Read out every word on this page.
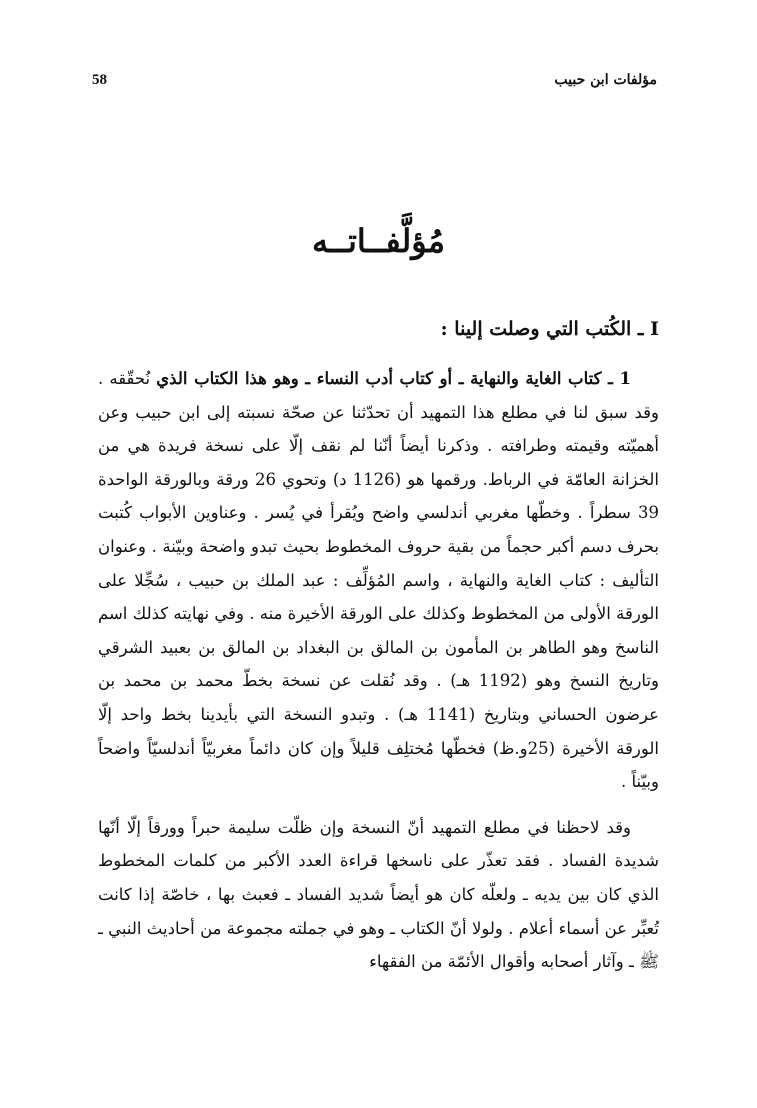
مؤلفات ابن حبيب
58
مُؤلَّفــاتــه
I ـ الكُتب التي وصلت إلينا :

1 ـ كتاب الغاية والنهاية ـ أو كتاب أدب النساء ـ وهو هذا الكتاب الذي نُحقّقه . وقد سبق لنا في مطلع هذا التمهيد أن تحدّثنا عن صحّة نسبته إلى ابن حبيب وعن أهميّته وقيمته وطرافته . وذكرنا أيضاً أنّنا لم نقف إلّا على نسخة فريدة هي من الخزانة العامّة في الرباط. ورقمها هو (1126 د) وتحوي 26 ورقة وبالورقة الواحدة 39 سطراً . وخطّها مغربي أندلسي واضح ويُقرأ في يُسر . وعناوين الأبواب كُتبت بحرف دسم أكبر حجماً من بقية حروف المخطوط بحيث تبدو واضحة وبيّنة . وعنوان التأليف : كتاب الغاية والنهاية ، واسم المُؤلِّف : عبد الملك بن حبيب ، سُجِّلا على الورقة الأولى من المخطوط وكذلك على الورقة الأخيرة منه . وفي نهايته كذلك اسم الناسخ وهو الطاهر بن المأمون بن المالق بن البغداد بن المالق بن بعبيد الشرقي وتاريخ النسخ وهو (1192 هـ) . وقد نُقلت عن نسخة بخطّ محمد بن محمد بن عرضون الحساني وبتاريخ (1141 هـ) . وتبدو النسخة التي بأيدينا بخط واحد إلّا الورقة الأخيرة (25و.ظ) فخطّها مُختلِف قليلاً وإن كان دائماً مغربيّاً أندلسيّاً واضحاً وبيّناً .

وقد لاحظنا في مطلع التمهيد أنّ النسخة وإن ظلّت سليمة حبراً وورقاً إلّا أنّها شديدة الفساد . فقد تعذّر على ناسخها قراءة العدد الأكبر من كلمات المخطوط الذي كان بين يديه ـ ولعلّه كان هو أيضاً شديد الفساد ـ فعبث بها ، خاصّة إذا كانت تُعبِّر عن أسماء أعلام . ولولا أنّ الكتاب ـ وهو في جملته مجموعة من أحاديث النبي ـ ﷺ ـ وآثار أصحابه وأقوال الأئمّة من الفقهاء
